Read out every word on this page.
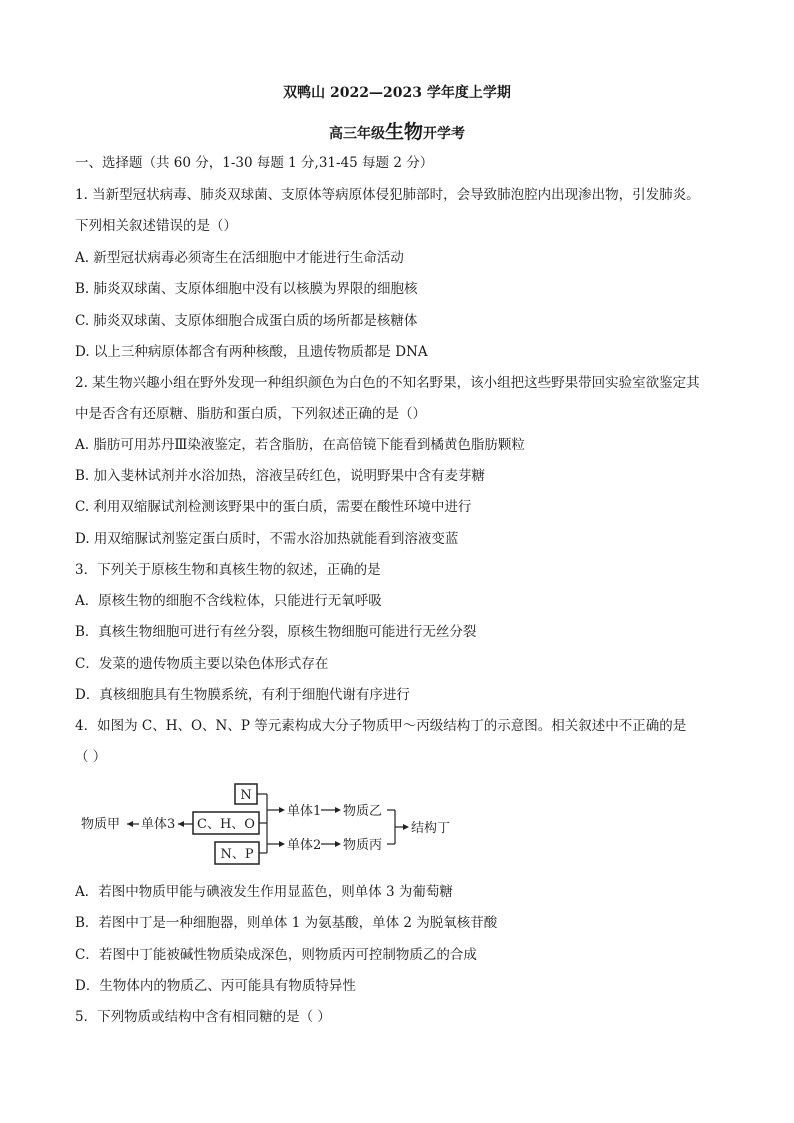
双鸭山 2022—2023 学年度上学期
高三年级生物开学考
一、选择题（共 60 分，1-30 每题 1 分,31-45 每题 2 分）
1. 当新型冠状病毒、肺炎双球菌、支原体等病原体侵犯肺部时，会导致肺泡腔内出现渗出物，引发肺炎。
下列相关叙述错误的是（）
A. 新型冠状病毒必须寄生在活细胞中才能进行生命活动
B. 肺炎双球菌、支原体细胞中没有以核膜为界限的细胞核
C. 肺炎双球菌、支原体细胞合成蛋白质的场所都是核糖体
D. 以上三种病原体都含有两种核酸，且遗传物质都是 DNA
2. 某生物兴趣小组在野外发现一种组织颜色为白色的不知名野果，该小组把这些野果带回实验室欲鉴定其
中是否含有还原糖、脂肪和蛋白质，下列叙述正确的是（）
A. 脂肪可用苏丹Ⅲ染液鉴定，若含脂肪，在高倍镜下能看到橘黄色脂肪颗粒
B. 加入斐林试剂并水浴加热，溶液呈砖红色，说明野果中含有麦芽糖
C. 利用双缩脲试剂检测该野果中的蛋白质，需要在酸性环境中进行
D. 用双缩脲试剂鉴定蛋白质时，不需水浴加热就能看到溶液变蓝
3．下列关于原核生物和真核生物的叙述，正确的是
A．原核生物的细胞不含线粒体，只能进行无氧呼吸
B．真核生物细胞可进行有丝分裂，原核生物细胞可能进行无丝分裂
C．发菜的遗传物质主要以染色体形式存在
D．真核细胞具有生物膜系统，有利于细胞代谢有序进行
4．如图为 C、H、O、N、P 等元素构成大分子物质甲～丙级结构丁的示意图。相关叙述中不正确的是
（ ）
N
C、H、O
N、P
物质甲 单体3
单体1 物质乙
单体2 物质丙
结构丁
A．若图中物质甲能与碘液发生作用显蓝色，则单体 3 为葡萄糖
B．若图中丁是一种细胞器，则单体 1 为氨基酸，单体 2 为脱氧核苷酸
C．若图中丁能被碱性物质染成深色，则物质丙可控制物质乙的合成
D．生物体内的物质乙、丙可能具有物质特异性
5．下列物质或结构中含有相同糖的是（ ）
